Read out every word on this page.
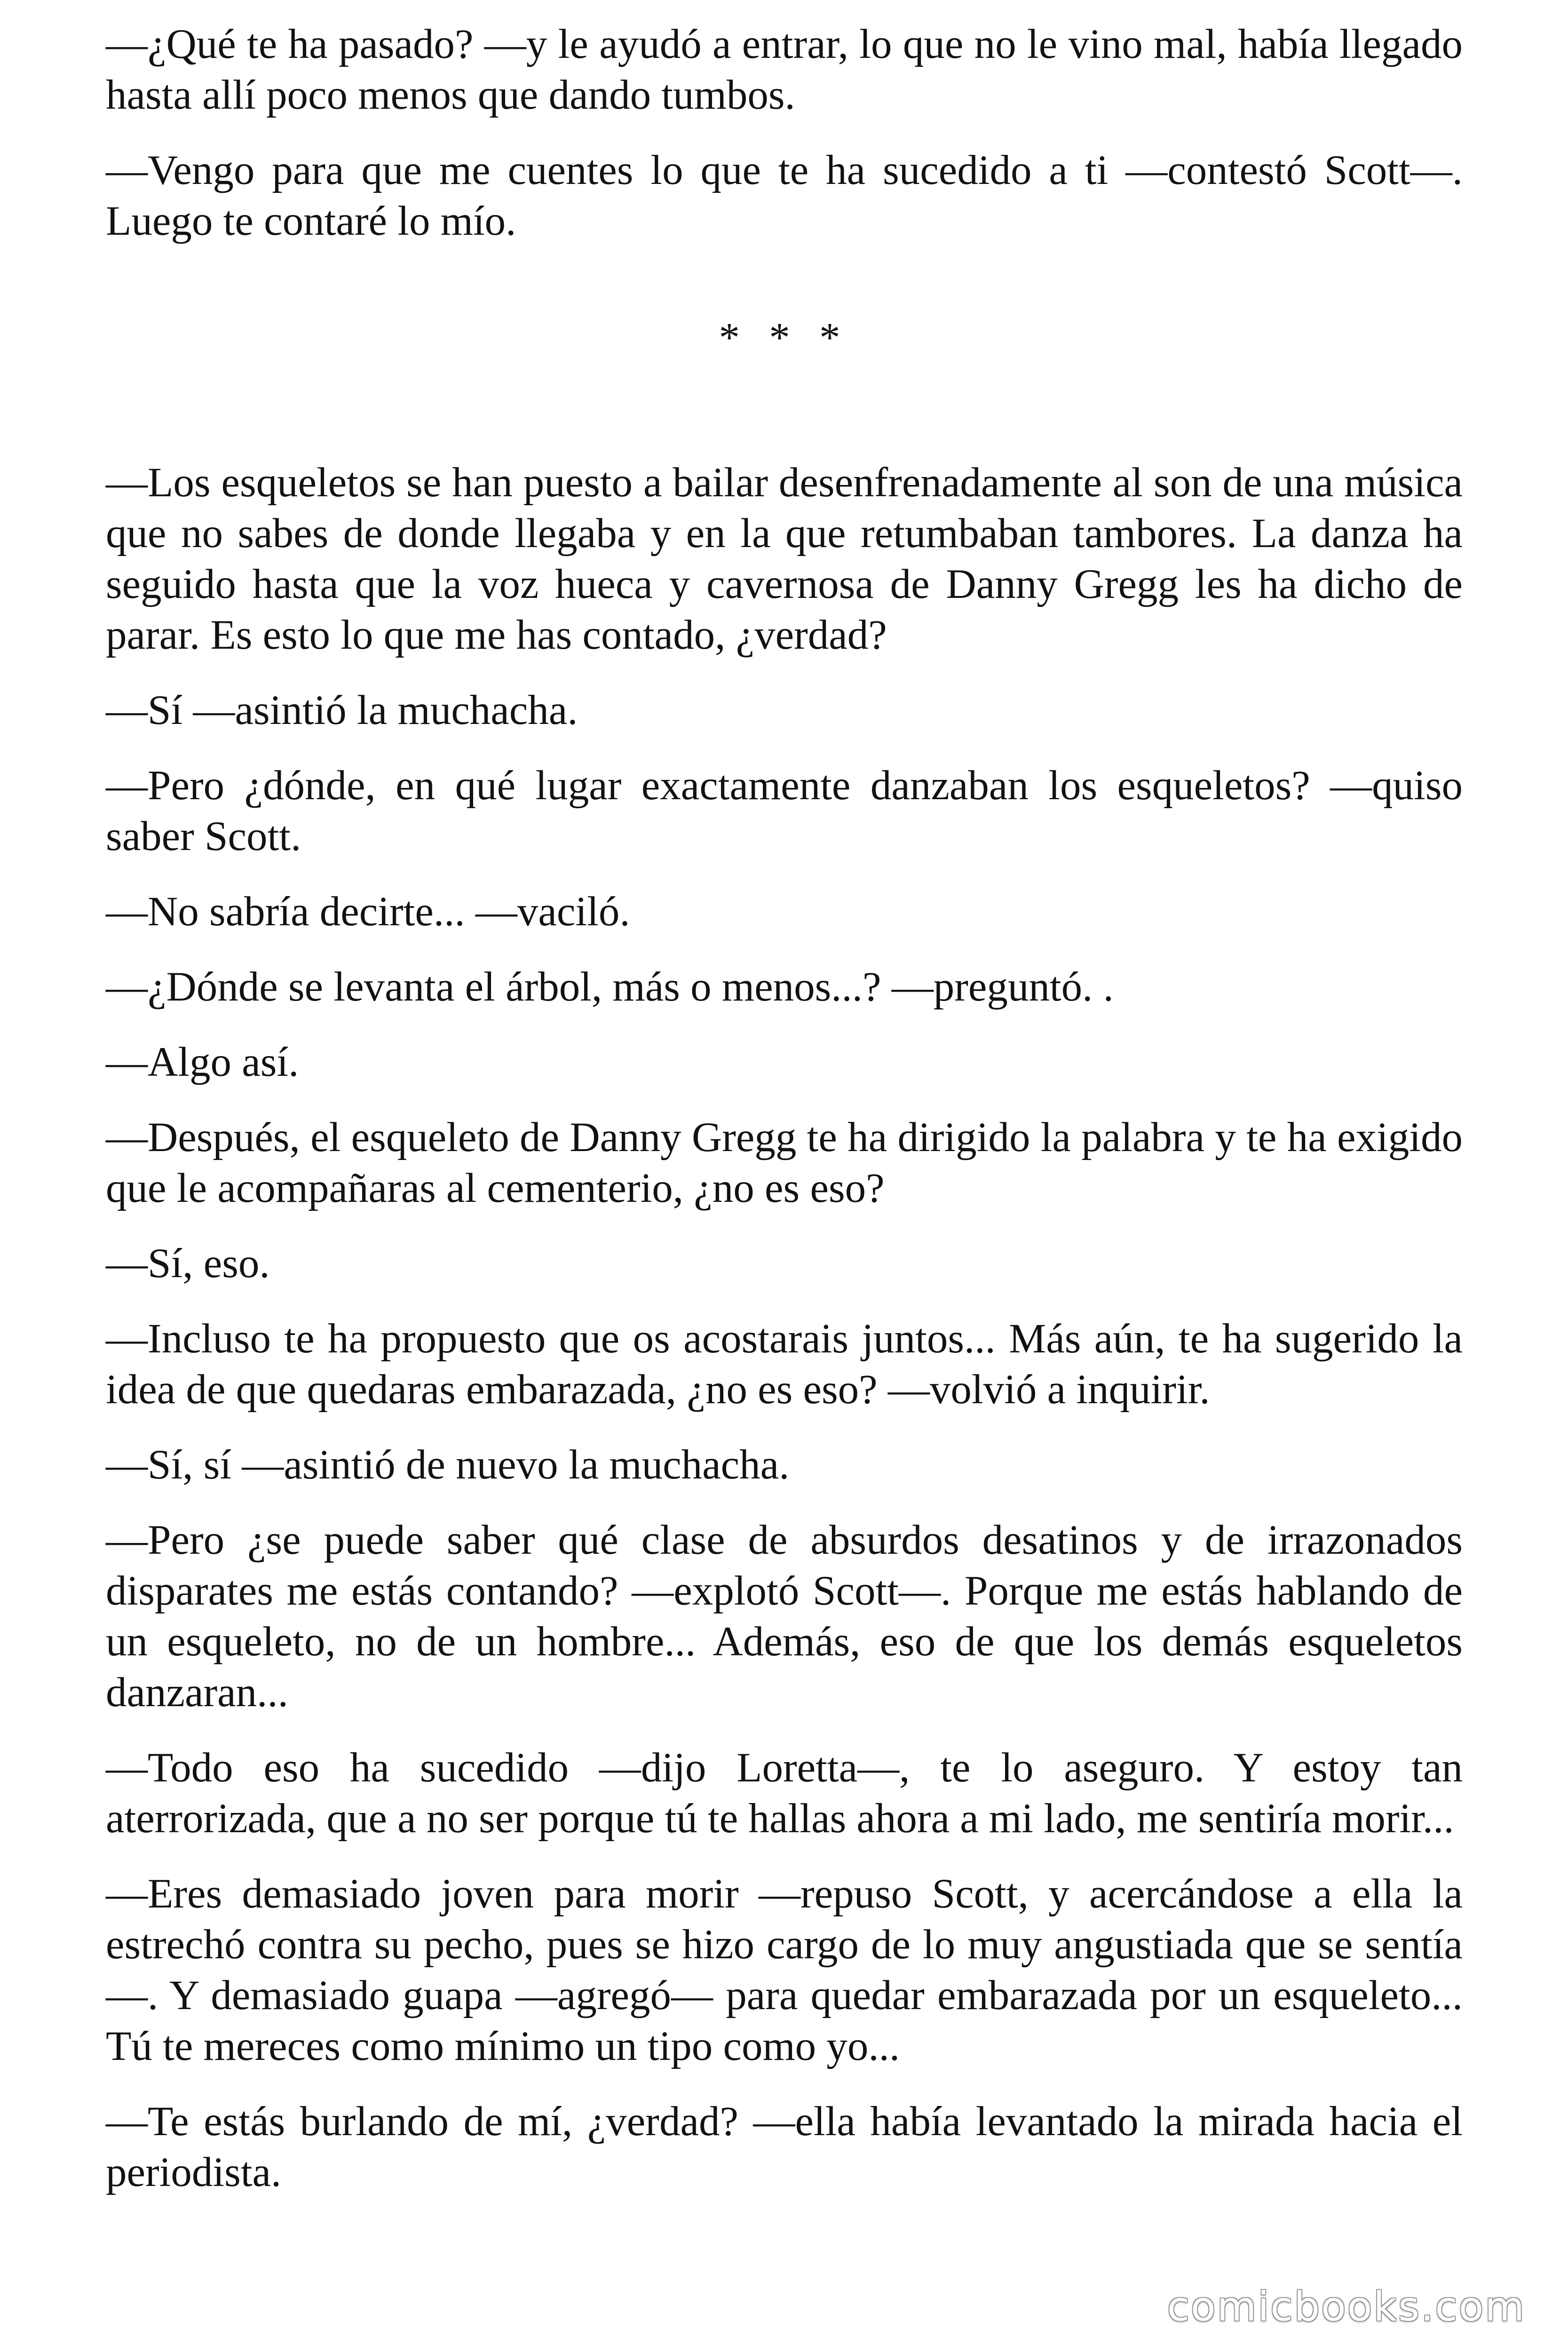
—¿Qué te ha pasado? —y le ayudó a entrar, lo que no le vino mal, había llegado hasta allí poco menos que dando tumbos.

—Vengo para que me cuentes lo que te ha sucedido a ti —contestó Scott—. Luego te contaré lo mío.

* * *

—Los esqueletos se han puesto a bailar desenfrenadamente al son de una música que no sabes de donde llegaba y en la que retumbaban tambores. La danza ha seguido hasta que la voz hueca y cavernosa de Danny Gregg les ha dicho de parar. Es esto lo que me has contado, ¿verdad?

—Sí —asintió la muchacha.

—Pero ¿dónde, en qué lugar exactamente danzaban los esqueletos? —quiso saber Scott.

—No sabría decirte... —vaciló.

—¿Dónde se levanta el árbol, más o menos...? —preguntó. .

—Algo así.

—Después, el esqueleto de Danny Gregg te ha dirigido la palabra y te ha exigido que le acompañaras al cementerio, ¿no es eso?

—Sí, eso.

—Incluso te ha propuesto que os acostarais juntos... Más aún, te ha sugerido la idea de que quedaras embarazada, ¿no es eso? —volvió a inquirir.

—Sí, sí —asintió de nuevo la muchacha.

—Pero ¿se puede saber qué clase de absurdos desatinos y de irrazonados disparates me estás contando? —explotó Scott—. Porque me estás hablando de un esqueleto, no de un hombre... Además, eso de que los demás esqueletos danzaran...

—Todo eso ha sucedido —dijo Loretta—, te lo aseguro. Y estoy tan aterrorizada, que a no ser porque tú te hallas ahora a mi lado, me sentiría morir...

—Eres demasiado joven para morir —repuso Scott, y acercándose a ella la estrechó contra su pecho, pues se hizo cargo de lo muy angustiada que se sentía—. Y demasiado guapa —agregó— para quedar embarazada por un esqueleto... Tú te mereces como mínimo un tipo como yo...

—Te estás burlando de mí, ¿verdad? —ella había levantado la mirada hacia el periodista.

comicbooks.com
